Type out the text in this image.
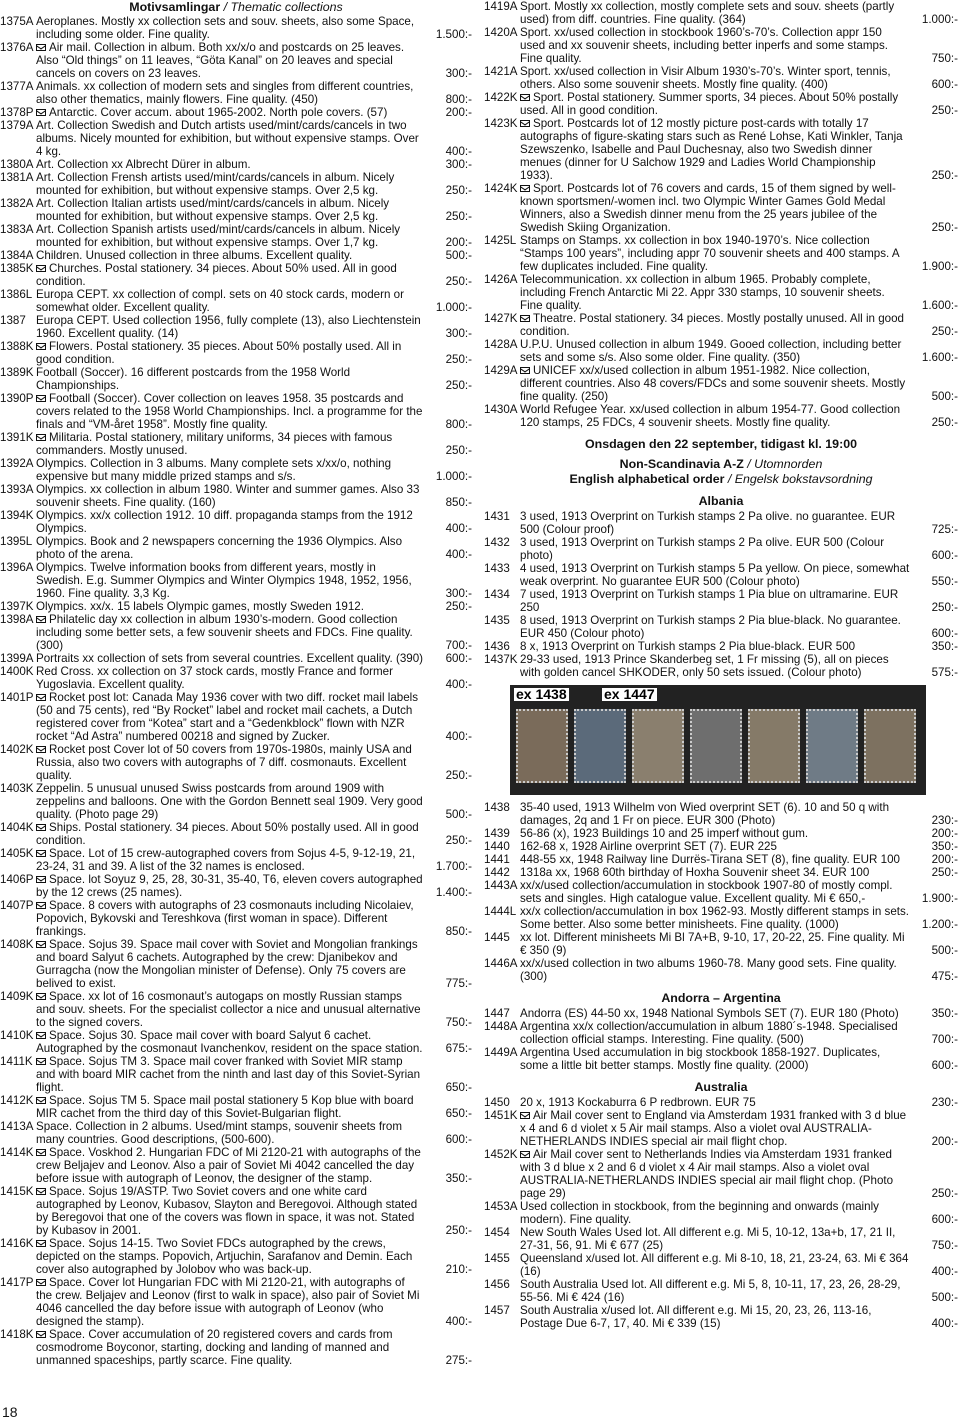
Motivsamlingar / Thematic collections
1375A Aeroplanes. Mostly xx collection sets and souv. sheets, also some Space, including some older. Fine quality.	1.500:-
1376A	Air mail. Collection in album. Both xx/x/o and postcards on 25 leaves. Also “Old things” on 11 leaves, “Göta Kanal” on 20 leaves and special cancels on covers on 23 leaves.	300:-
1377A Animals. xx collection of modern sets and singles from different countries, also other thematics, mainly flowers. Fine quality. (450)	800:-
1378P	Antarctic. Cover accum. about 1965-2002. North pole covers. (57)	200:-
1379A Art. Collection Swedish and Dutch artists used/mint/cards/cancels in two albums. Nicely mounted for exhibition, but without expensive stamps. Over 4 kg.	400:-
1380A Art. Collection xx Albrecht Dürer in album.	300:-
1381A Art. Collection Frensh artists used/mint/cards/cancels in album. Nicely mounted for exhibition, but without expensive stamps. Over 2,5 kg.	250:-
1382A Art. Collection Italian artists used/mint/cards/cancels in album. Nicely mounted for exhibition, but without expensive stamps. Over 2,5 kg.	250:-
1383A Art. Collection Spanish artists used/mint/cards/cancels in album. Nicely mounted for exhibition, but without expensive stamps. Over 1,7 kg.	200:-
1384A Children. Unused collection in three albums. Excellent quality.	500:-
1385K	Churches. Postal stationery. 34 pieces. About 50% used. All in good condition.	250:-
1386L Europa CEPT. xx collection of compl. sets on 40 stock cards, modern or somewhat older. Excellent quality.	1.000:-
1387 Europa CEPT. Used collection 1956, fully complete (13), also Liechtenstein 1960. Excellent quality. (14)	300:-
1388K	Flowers. Postal stationery. 35 pieces. About 50% postally used. All in good condition.	250:-
1389K Football (Soccer). 16 different postcards from the 1958 World Championships.	250:-
1390P	Football (Soccer). Cover collection on leaves 1958. 35 postcards and covers related to the 1958 World Championships. Incl. a programme for the finals and “VM-året 1958”. Mostly fine quality.	800:-
1391K	Militaria. Postal stationery, military uniforms, 34 pieces with famous commanders. Mostly unused.	250:-
1392A Olympics. Collection in 3 albums. Many complete sets x/xx/o, nothing expensive but many middle prized stamps and s/s.	1.000:-
1393A Olympics. xx collection in album 1980. Winter and summer games. Also 33 souvenir sheets. Fine quality. (160)	850:-
1394K Olympics. xx/x collection 1912. 10 diff. propaganda stamps from the 1912 Olympics.	400:-
1395L Olympics. Book and 2 newspapers concerning the 1936 Olympics. Also photo of the arena.	400:-
1396A Olympics. Twelve information books from different years, mostly in Swedish. E.g. Summer Olympics and Winter Olympics 1948, 1952, 1956, 1960. Fine quality. 3,3 Kg.	300:-
1397K Olympics. xx/x. 15 labels Olympic games, mostly Sweden 1912.	250:-
1398A	Philatelic day xx collection in album 1930’s-modern. Good collection including some better sets, a few souvenir sheets and FDCs. Fine quality. (300)	700:-
1399A Portraits xx collection of sets from several countries. Excellent quality. (390)	600:-
1400K Red Cross. xx collection on 37 stock cards, mostly France and former Yugoslavia. Excellent quality.	400:-
1401P	Rocket post lot: Canada May 1936 cover with two diff. rocket mail labels (50 and 75 cents), red “By Rocket” label and rocket mail cachets, a Dutch registered cover from “Kotea” start and a “Gedenkblock” flown with NZR rocket “Ad Astra” numbered 00218 and signed by Zucker.	400:-
1402K	Rocket post Cover lot of 50 covers from 1970s-1980s, mainly USA and Russia, also two covers with autographs of 7 diff. cosmonauts. Excellent quality.	250:-
1403K Zeppelin. 5 unusual unused Swiss postcards from around 1909 with zeppelins and balloons. One with the Gordon Bennett seal 1909. Very good quality. (Photo page 29)	500:-
1404K	Ships. Postal stationery. 34 pieces. About 50% postally used. All in good condition.	250:-
1405K	Space. Lot of 15 crew-autographed covers from Sojus 4-5, 9-12-19, 21, 23-24, 31 and 39. A list of the 32 names is enclosed.	1.700:-
1406P	Space. lot Soyuz 9, 25, 28, 30-31, 35-40, T6, eleven covers autographed by the 12 crews (25 names).	1.400:-
1407P	Space. 8 covers with autographs of 23 cosmonauts including Nicolaiev, Popovich, Bykovski and Tereshkova (first woman in space). Different frankings.	850:-
1408K	Space. Sojus 39. Space mail cover with Soviet and Mongolian frankings and board Salyut 6 cachets. Autographed by the crew: Djanibekov and Gurragcha (now the Mongolian minister of Defense). Only 75 covers are belived to exist.	775:-
1409K	Space. xx lot of 16 cosmonaut’s autogaps on mostly Russian stamps and souv. sheets. For the specialist collector a nice and unusual alternative to the signed covers.	750:-
1410K	Space. Sojus 30. Space mail cover with board Salyut 6 cachet. Autographed by the cosmonaut Ivanchenkov, resident on the space station.	675:-
1411K	Space. Sojus TM 3. Space mail cover franked with Soviet MIR stamp and with board MIR cachet from the ninth and last day of this Soviet-Syrian flight.	650:-
1412K	Space. Sojus TM 5. Space mail postal stationery 5 Kop blue with board MIR cachet from the third day of this Soviet-Bulgarian flight.	650:-
1413A Space. Collection in 2 albums. Used/mint stamps, souvenir sheets from many countries. Good descriptions, (500-600).	600:-
1414K	Space. Voskhod 2. Hungarian FDC of Mi 2120-21 with autographs of the crew Beljajev and Leonov. Also a pair of Soviet Mi 4042 cancelled the day before issue with autograph of Leonov, the designer of the stamp.	350:-
1415K	Space. Sojus 19/ASTP. Two Soviet covers and one white card autographed by Leonov, Kubasov, Slayton and Beregovoi. Although stated by Beregovoi that one of the covers was flown in space, it was not. Stated by Kubasov in 2001.	250:-
1416K	Space. Sojus 14-15. Two Soviet FDCs autographed by the crews, depicted on the stamps. Popovich, Artjuchin, Sarafanov and Demin. Each cover also autographed by Jolobov who was back-up.	210:-
1417P	Space. Cover lot Hungarian FDC with Mi 2120-21, with autographs of the crew. Beljajev and Leonov (first to walk in space), also pair of Soviet Mi 4046 cancelled the day before issue with autograph of Leonov (who designed the stamp).	400:-
1418K	Space. Cover accumulation of 20 registered covers and cards from cosmodrome Boyconor, starting, docking and landing of manned and unmanned spaceships, partly scarce. Fine quality.	275:-
1419A Sport. Mostly xx collection, mostly complete sets and souv. sheets (partly used) from diff. countries. Fine quality. (364)	1.000:-
1420A Sport. xx/used collection in stockbook 1960’s-70’s. Collection appr 150 used and xx souvenir sheets, including better inperfs and some stamps. Fine quality.	750:-
1421A Sport. xx/used collection in Visir Album 1930’s-70’s. Winter sport, tennis, others. Also some souvenir sheets. Mostly fine quality. (400)	600:-
1422K	Sport. Postal stationery. Summer sports, 34 pieces. About 50% postally used. All in good condition.	250:-
1423K	Sport. Postcards lot of 12 mostly picture post-cards with totally 17 autographs of figure-skating stars such as René Lohse, Kati Winkler, Tanja Szewszenko, Isabelle and Paul Duchesnay, also two Swedish dinner menues (dinner for U Salchow 1929 and Ladies World Championship 1933).	250:-
1424K	Sport. Postcards lot of 76 covers and cards, 15 of them signed by well-known sportsmen/-women incl. two Olympic Winter Games Gold Medal Winners, also a Swedish dinner menu from the 25 years jubilee of the Swedish Skiing Organization.	250:-
1425L Stamps on Stamps. xx collection in box 1940-1970’s. Nice collection “Stamps 100 years”, including appr 70 souvenir sheets and 400 stamps. A few duplicates included. Fine quality.	1.900:-
1426A Telecommunication. xx collection in album 1965. Probably complete, including French Antarctic Mi 22. Appr 330 stamps, 10 souvenir sheets. Fine quality.	1.600:-
1427K	Theatre. Postal stationery. 34 pieces. Mostly postally unused. All in good condition.	250:-
1428A U.P.U. Unused collection in album 1949. Gooed collection, including better sets and some s/s. Also some older. Fine quality. (350)	1.600:-
1429A	UNICEF xx/x/used collection in album 1951-1982. Nice collection, different countries. Also 48 covers/FDCs and some souvenir sheets. Mostly fine quality. (250)	500:-
1430A World Refugee Year. xx/used collection in album 1954-77. Good collection 120 stamps, 25 FDCs, 4 souvenir sheets. Mostly fine quality.	250:-
Onsdagen den 22 september, tidigast kl. 19:00
Non-Scandinavia A-Z / Utomnorden
English alphabetical order / Engelsk bokstavsordning
Albania
1431 3 used, 1913 Overprint on Turkish stamps 2 Pa olive. no guarantee. EUR 500 (Colour proof)	725:-
1432 3 used, 1913 Overprint on Turkish stamps 2 Pa olive. EUR 500 (Colour photo)	600:-
1433 4 used, 1913 Overprint on Turkish stamps 5 Pa yellow. On piece, somewhat weak overprint. No guarantee EUR 500 (Colour photo)	550:-
1434 7 used, 1913 Overprint on Turkish stamps 1 Pia blue on ultramarine. EUR 250	250:-
1435 8 used, 1913 Overprint on Turkish stamps 2 Pia blue-black. No guarantee. EUR 450 (Colour photo)	600:-
1436 8 x, 1913 Overprint on Turkish stamps 2 Pia blue-black. EUR 500	350:-
1437K 29-33 used, 1913 Prince Skanderbeg set, 1 Fr missing (5), all on pieces with golden cancel SHKODER, only 50 sets issued. (Colour photo)	575:-
ex 1438	ex 1447
1438 35-40 used, 1913 Wilhelm von Wied overprint SET (6). 10 and 50 q with damages, 2q and 1 Fr on piece. EUR 300 (Photo)	230:-
1439 56-86 (x), 1923 Buildings 10 and 25 imperf without gum.	200:-
1440 162-68 x, 1928 Airline overprint SET (7). EUR 225	350:-
1441 448-55 xx, 1948 Railway line Durrës-Tirana SET (8), fine quality. EUR 100	200:-
1442 1318a xx, 1968 60th birthday of Hoxha Souvenir sheet 34. EUR 100	250:-
1443A xx/x/used collection/accumulation in stockbook 1907-80 of mostly compl. sets and singles. High catalogue value. Excellent quality. Mi € 650,-	1.900:-
1444L xx/x collection/accumulation in box 1962-93. Mostly different stamps in sets. Some better. Also some better minisheets. Fine quality. (1000)	1.200:-
1445 xx lot. Different minisheets Mi Bl 7A+B, 9-10, 17, 20-22, 25. Fine quality. Mi € 350 (9)	500:-
1446A xx/x/used collection in two albums 1960-78. Many good sets. Fine quality. (300)	475:-
Andorra – Argentina
1447 Andorra (ES) 44-50 xx, 1948 National Symbols SET (7). EUR 180 (Photo)	350:-
1448A Argentina xx/x collection/accumulation in album 1880´s-1948. Specialised collection official stamps. Interesting. Fine quality. (500)	700:-
1449A Argentina Used accumulation in big stockbook 1858-1927. Duplicates, some a little bit better stamps. Mostly fine quality. (2000)	600:-
Australia
1450 20 x, 1913 Kockaburra 6 P redbrown. EUR 75	230:-
1451K	Air Mail cover sent to England via Amsterdam 1931 franked with 3 d blue x 4 and 6 d violet x 5 Air mail stamps. Also a violet oval AUSTRALIA-NETHERLANDS INDIES special air mail flight chop.	200:-
1452K	Air Mail cover sent to Netherlands Indies via Amsterdam 1931 franked with 3 d blue x 2 and 6 d violet x 4 Air mail stamps. Also a violet oval AUSTRALIA-NETHERLANDS INDIES special air mail flight chop. (Photo page 29)	250:-
1453A Used collection in stockbook, from the beginning and onwards (mainly modern). Fine quality.	600:-
1454 New South Wales Used lot. All different e.g. Mi 5, 10-12, 13a+b, 17, 21 II, 27-31, 56, 91. Mi € 677 (25)	750:-
1455 Queensland x/used lot. All different e.g. Mi 8-10, 18, 21, 23-24, 63. Mi € 364 (16)	400:-
1456 South Australia Used lot. All different e.g. Mi 5, 8, 10-11, 17, 23, 26, 28-29, 55-56. Mi € 424 (16)	500:-
1457 South Australia x/used lot. All different e.g. Mi 15, 20, 23, 26, 113-16, Postage Due 6-7, 17, 40. Mi € 339 (15)	400:-
18
